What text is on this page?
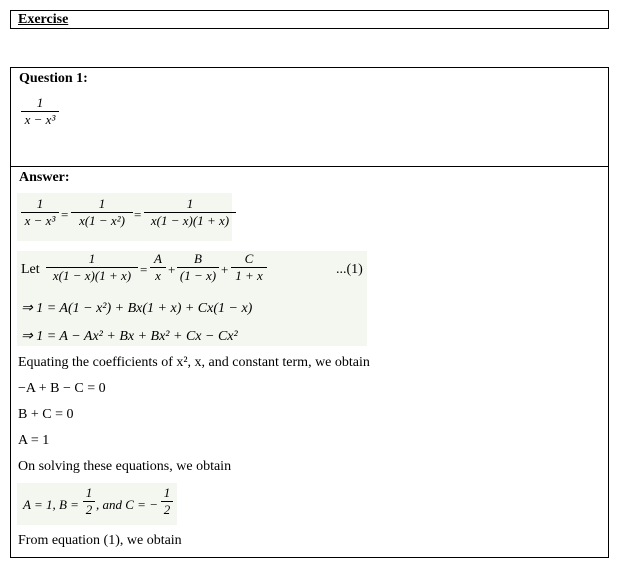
Exercise
Question 1:
1
x − x³
Answer:
1
x − x³ =
1
x(1 − x²) =
1
x(1 − x)(1 + x)
Let
1
x(1 − x)(1 + x) =
A
x +
B
(1 − x) +
C
1 + x	...(1)
⇒ 1 = A(1 − x²) + Bx(1 + x) + Cx(1 − x)
⇒ 1 = A − Ax² + Bx + Bx² + Cx − Cx²
Equating the coefficients of x², x, and constant term, we obtain
−A + B − C = 0
B + C = 0
A = 1
On solving these equations, we obtain
A = 1, B =
1
2 , and C = −
1
2
From equation (1), we obtain
